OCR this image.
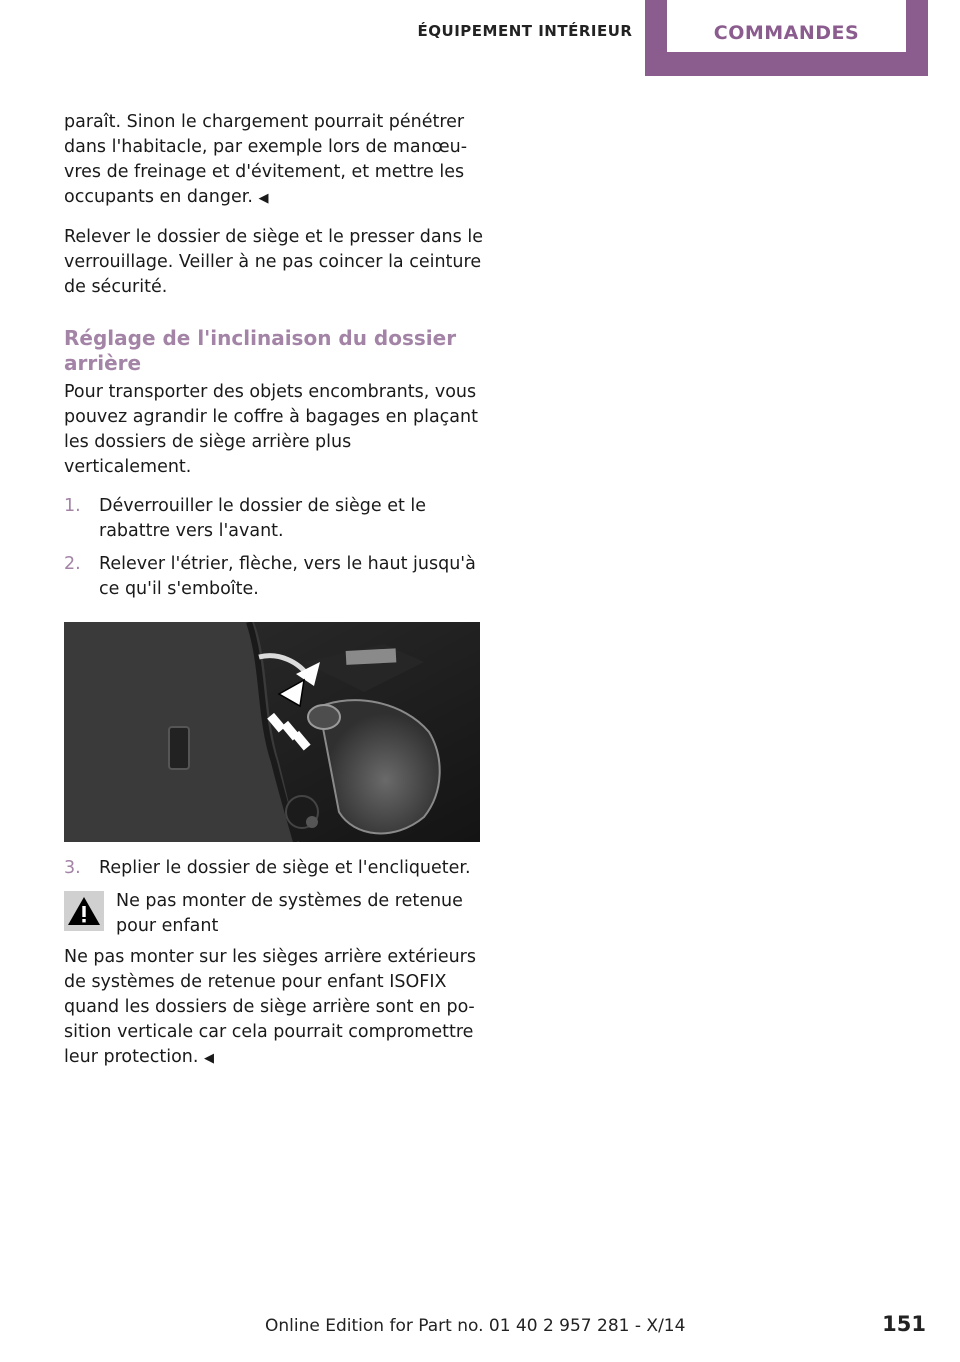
ÉQUIPEMENT INTÉRIEUR	COMMANDES

paraît. Sinon le chargement pourrait pénétrer dans l'habitacle, par exemple lors de manœuvres de freinage et d'évitement, et mettre les occupants en danger. ◀

Relever le dossier de siège et le presser dans le verrouillage. Veiller à ne pas coincer la ceinture de sécurité.

Réglage de l'inclinaison du dossier arrière

Pour transporter des objets encombrants, vous pouvez agrandir le coffre à bagages en plaçant les dossiers de siège arrière plus verticalement.

1.	Déverrouiller le dossier de siège et le rabattre vers l'avant.
2.	Relever l'étrier, flèche, vers le haut jusqu'à ce qu'il s'emboîte.
3.	Replier le dossier de siège et l'encliqueter.
Ne pas monter de systèmes de retenue pour enfant

Ne pas monter sur les sièges arrière extérieurs de systèmes de retenue pour enfant ISOFIX quand les dossiers de siège arrière sont en position verticale car cela pourrait compromettre leur protection. ◀

Online Edition for Part no. 01 40 2 957 281 - X/14	151
